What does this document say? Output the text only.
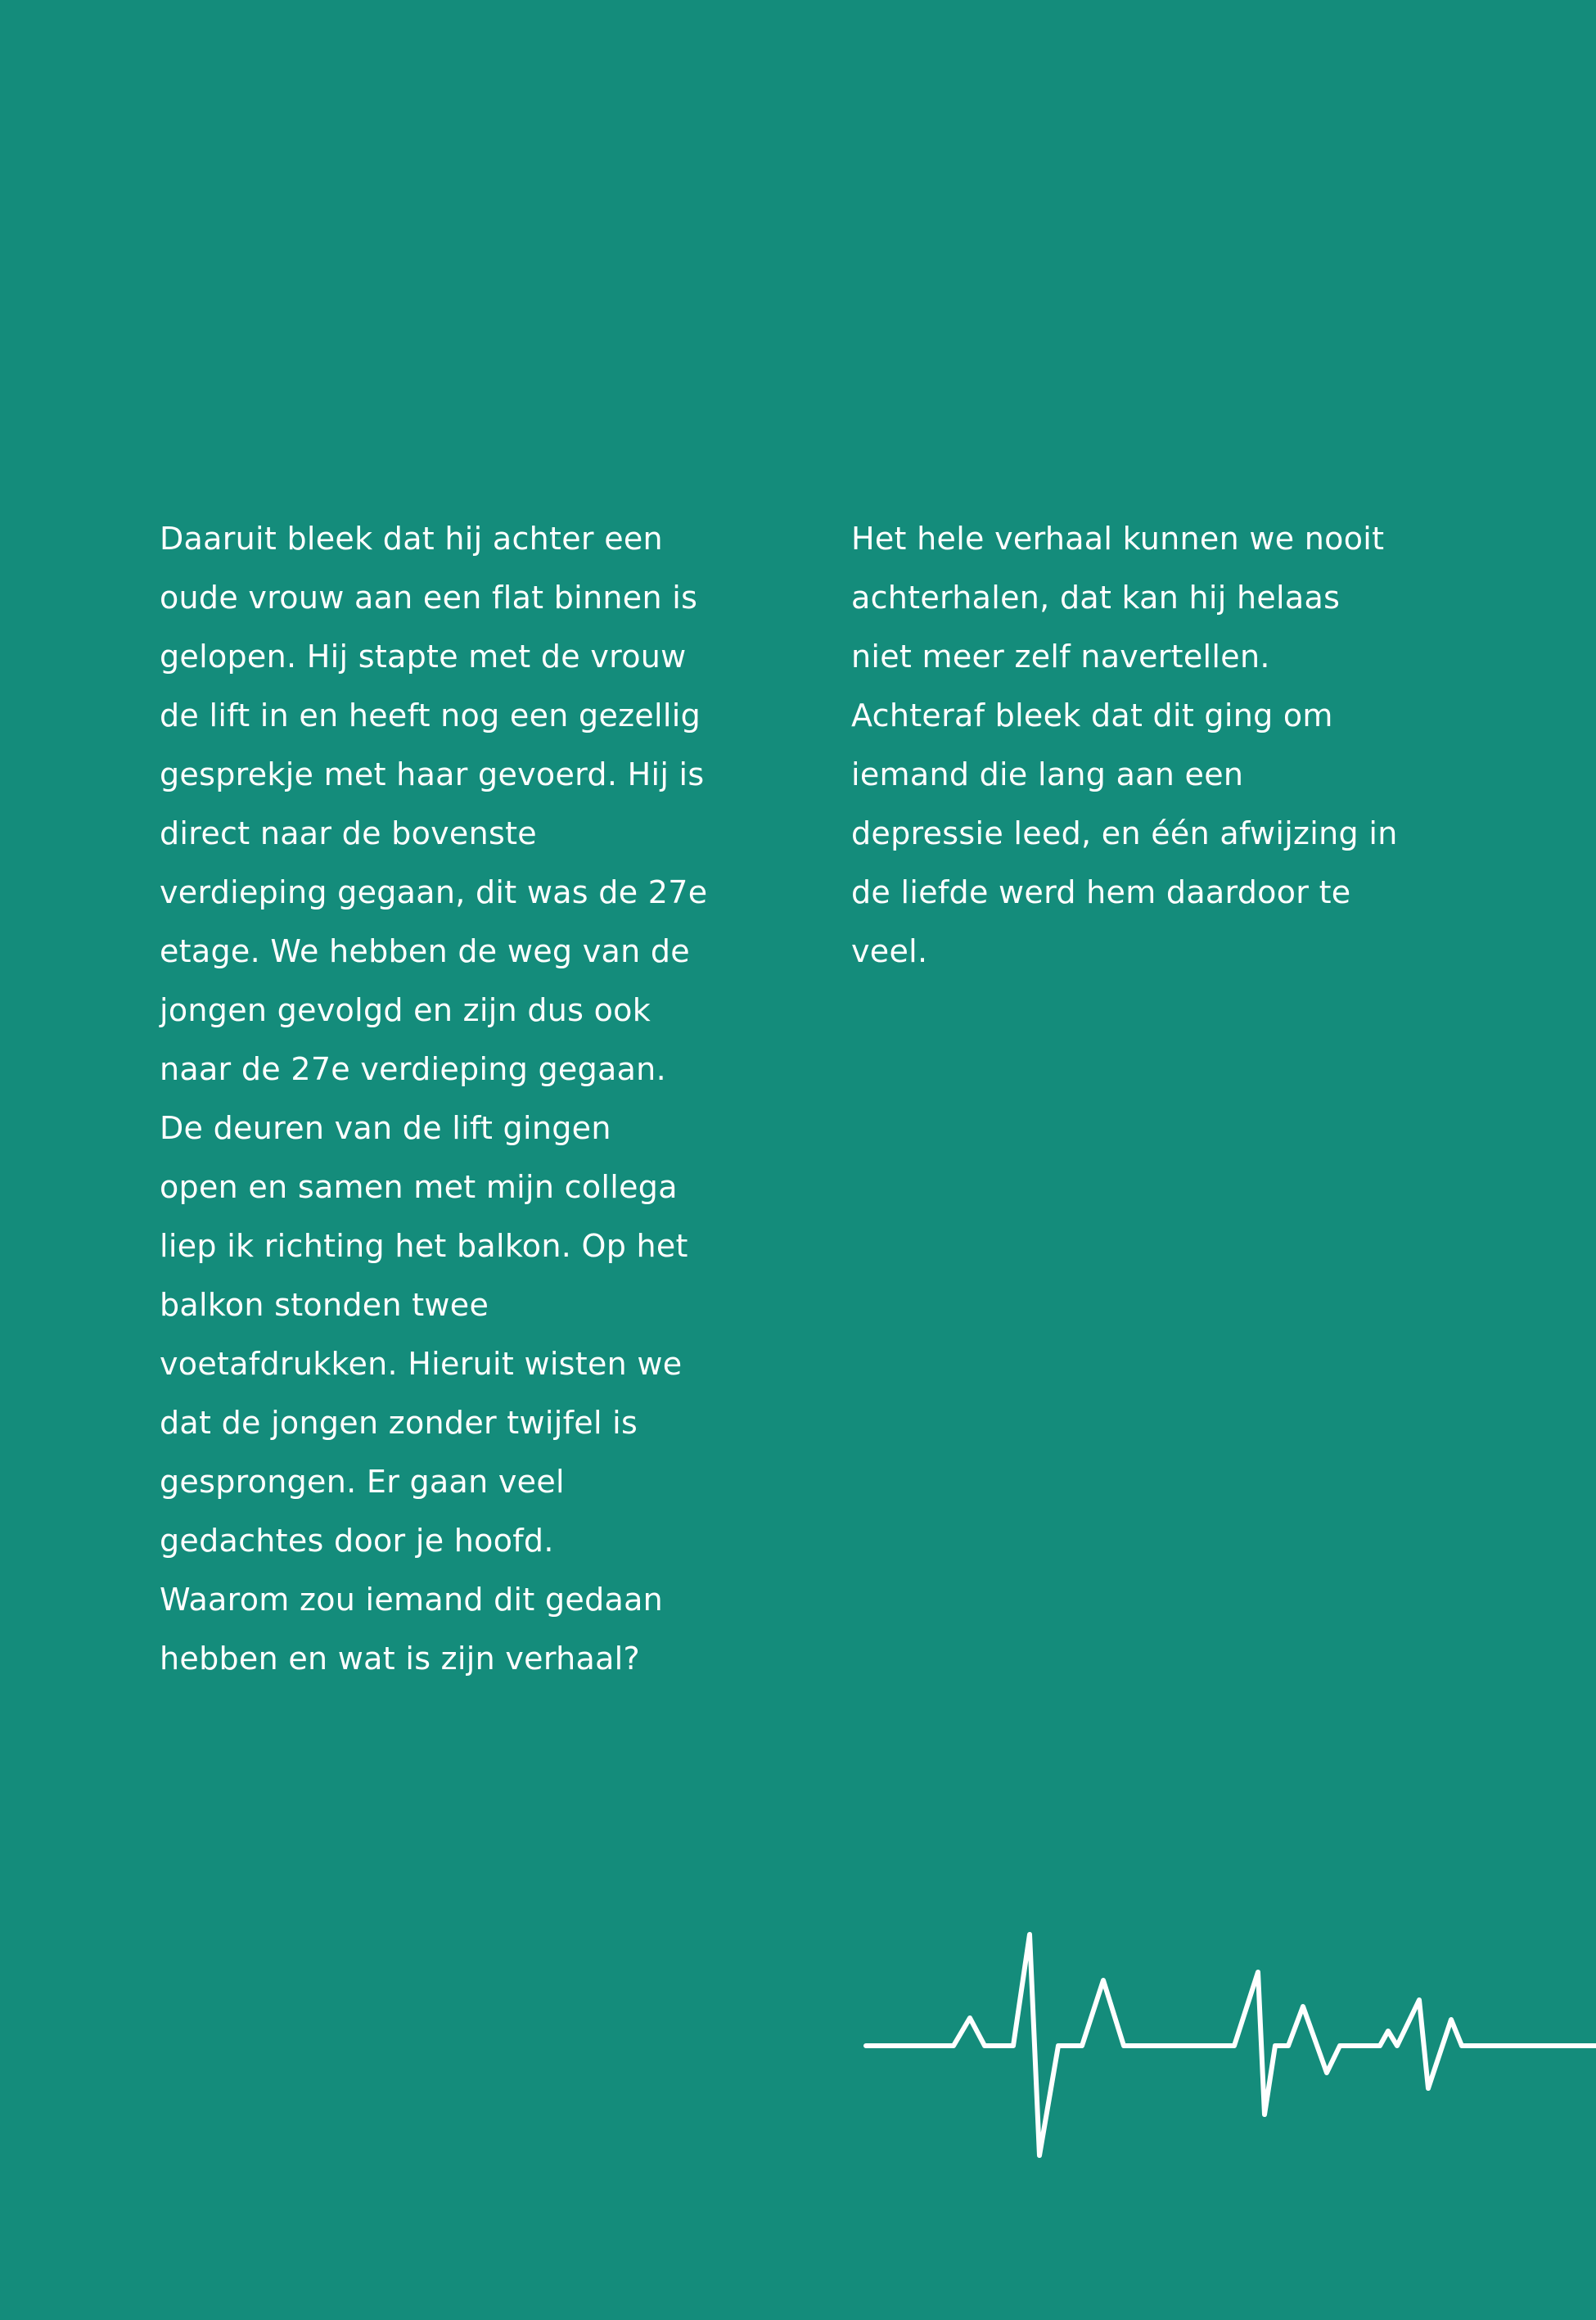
Daaruit bleek dat hij achter een
oude vrouw aan een flat binnen is
gelopen. Hij stapte met de vrouw
de lift in en heeft nog een gezellig
gesprekje met haar gevoerd. Hij is
direct naar de bovenste
verdieping gegaan, dit was de 27e
etage. We hebben de weg van de
jongen gevolgd en zijn dus ook
naar de 27e verdieping gegaan.
De deuren van de lift gingen
open en samen met mijn collega
liep ik richting het balkon. Op het
balkon stonden twee
voetafdrukken. Hieruit wisten we
dat de jongen zonder twijfel is
gesprongen. Er gaan veel
gedachtes door je hoofd.
Waarom zou iemand dit gedaan
hebben en wat is zijn verhaal?
Het hele verhaal kunnen we nooit
achterhalen, dat kan hij helaas
niet meer zelf navertellen.
Achteraf bleek dat dit ging om
iemand die lang aan een
depressie leed, en één afwijzing in
de liefde werd hem daardoor te
veel.
